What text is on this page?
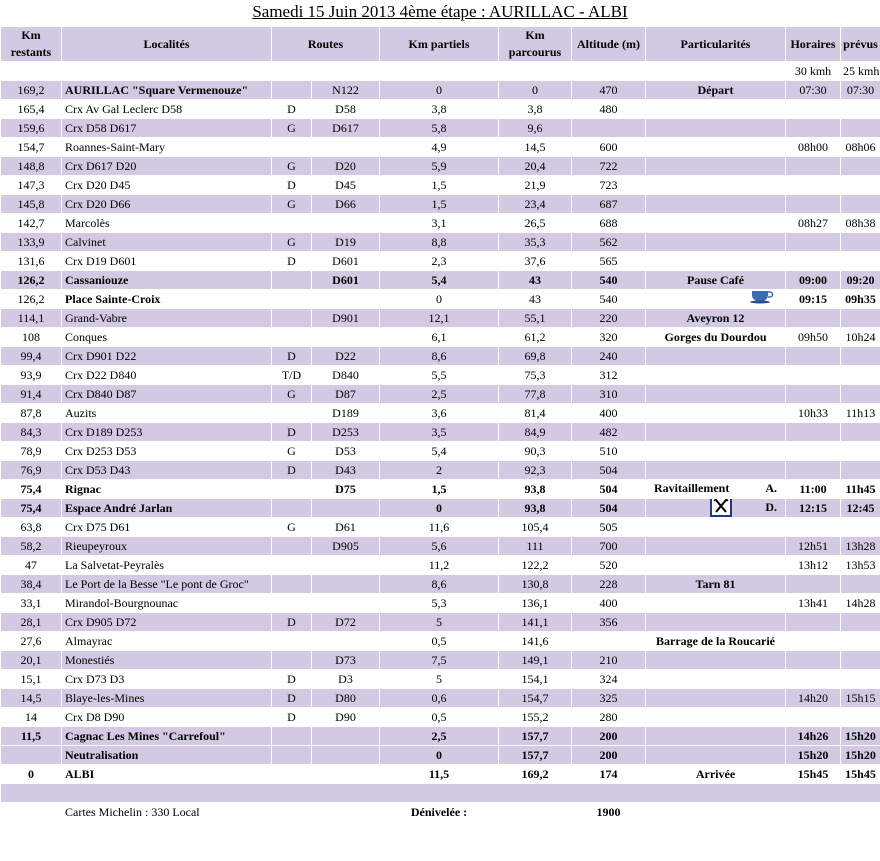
Samedi 15 Juin 2013 4ème étape : AURILLAC - ALBI
Km restants	Localités	Routes		Km partiels	Km parcourus	Altitude (m)	Particularités	Horaires	prévus
								30 kmh	25 kmh
169,2	AURILLAC "Square Vermenouze"		N122	0	0	470	Départ	07:30	07:30
165,4	Crx Av Gal Leclerc D58	D	D58	3,8	3,8	480			
159,6	Crx D58 D617	G	D617	5,8	9,6				
154,7	Roannes-Saint-Mary			4,9	14,5	600		08h00	08h06
148,8	Crx D617 D20	G	D20	5,9	20,4	722			
147,3	Crx D20 D45	D	D45	1,5	21,9	723			
145,8	Crx D20 D66	G	D66	1,5	23,4	687			
142,7	Marcolès			3,1	26,5	688		08h27	08h38
133,9	Calvinet	G	D19	8,8	35,3	562			
131,6	Crx D19 D601	D	D601	2,3	37,6	565			
126,2	Cassaniouze		D601	5,4	43	540	Pause Café	09:00	09:20
126,2	Place Sainte-Croix			0	43	540		09:15	09h35
114,1	Grand-Vabre		D901	12,1	55,1	220	Aveyron 12		
108	Conques			6,1	61,2	320	Gorges du Dourdou	09h50	10h24
99,4	Crx D901 D22	D	D22	8,6	69,8	240			
93,9	Crx D22 D840	T/D	D840	5,5	75,3	312			
91,4	Crx D840 D87	G	D87	2,5	77,8	310			
87,8	Auzits		D189	3,6	81,4	400		10h33	11h13
84,3	Crx D189 D253	D	D253	3,5	84,9	482			
78,9	Crx D253 D53	G	D53	5,4	90,3	510			
76,9	Crx D53 D43	D	D43	2	92,3	504			
75,4	Rignac		D75	1,5	93,8	504	Ravitaillement A.	11:00	11h45
75,4	Espace André Jarlan			0	93,8	504	D.	12:15	12:45
63,8	Crx D75 D61	G	D61	11,6	105,4	505			
58,2	Rieupeyroux		D905	5,6	111	700		12h51	13h28
47	La Salvetat-Peyralès			11,2	122,2	520		13h12	13h53
38,4	Le Port de la Besse "Le pont de Groc"			8,6	130,8	228	Tarn 81		
33,1	Mirandol-Bourgnounac			5,3	136,1	400		13h41	14h28
28,1	Crx D905 D72	D	D72	5	141,1	356			
27,6	Almayrac			0,5	141,6		Barrage de la Roucarié		
20,1	Monestiés		D73	7,5	149,1	210			
15,1	Crx D73 D3	D	D3	5	154,1	324			
14,5	Blaye-les-Mines	D	D80	0,6	154,7	325		14h20	15h15
14	Crx D8 D90	D	D90	0,5	155,2	280			
11,5	Cagnac Les Mines "Carrefoul"			2,5	157,7	200		14h26	15h20
	Neutralisation			0	157,7	200		15h20	15h20
0	ALBI			11,5	169,2	174	Arrivée	15h45	15h45

	Cartes Michelin : 330 Local			Dénivelée :		1900			
